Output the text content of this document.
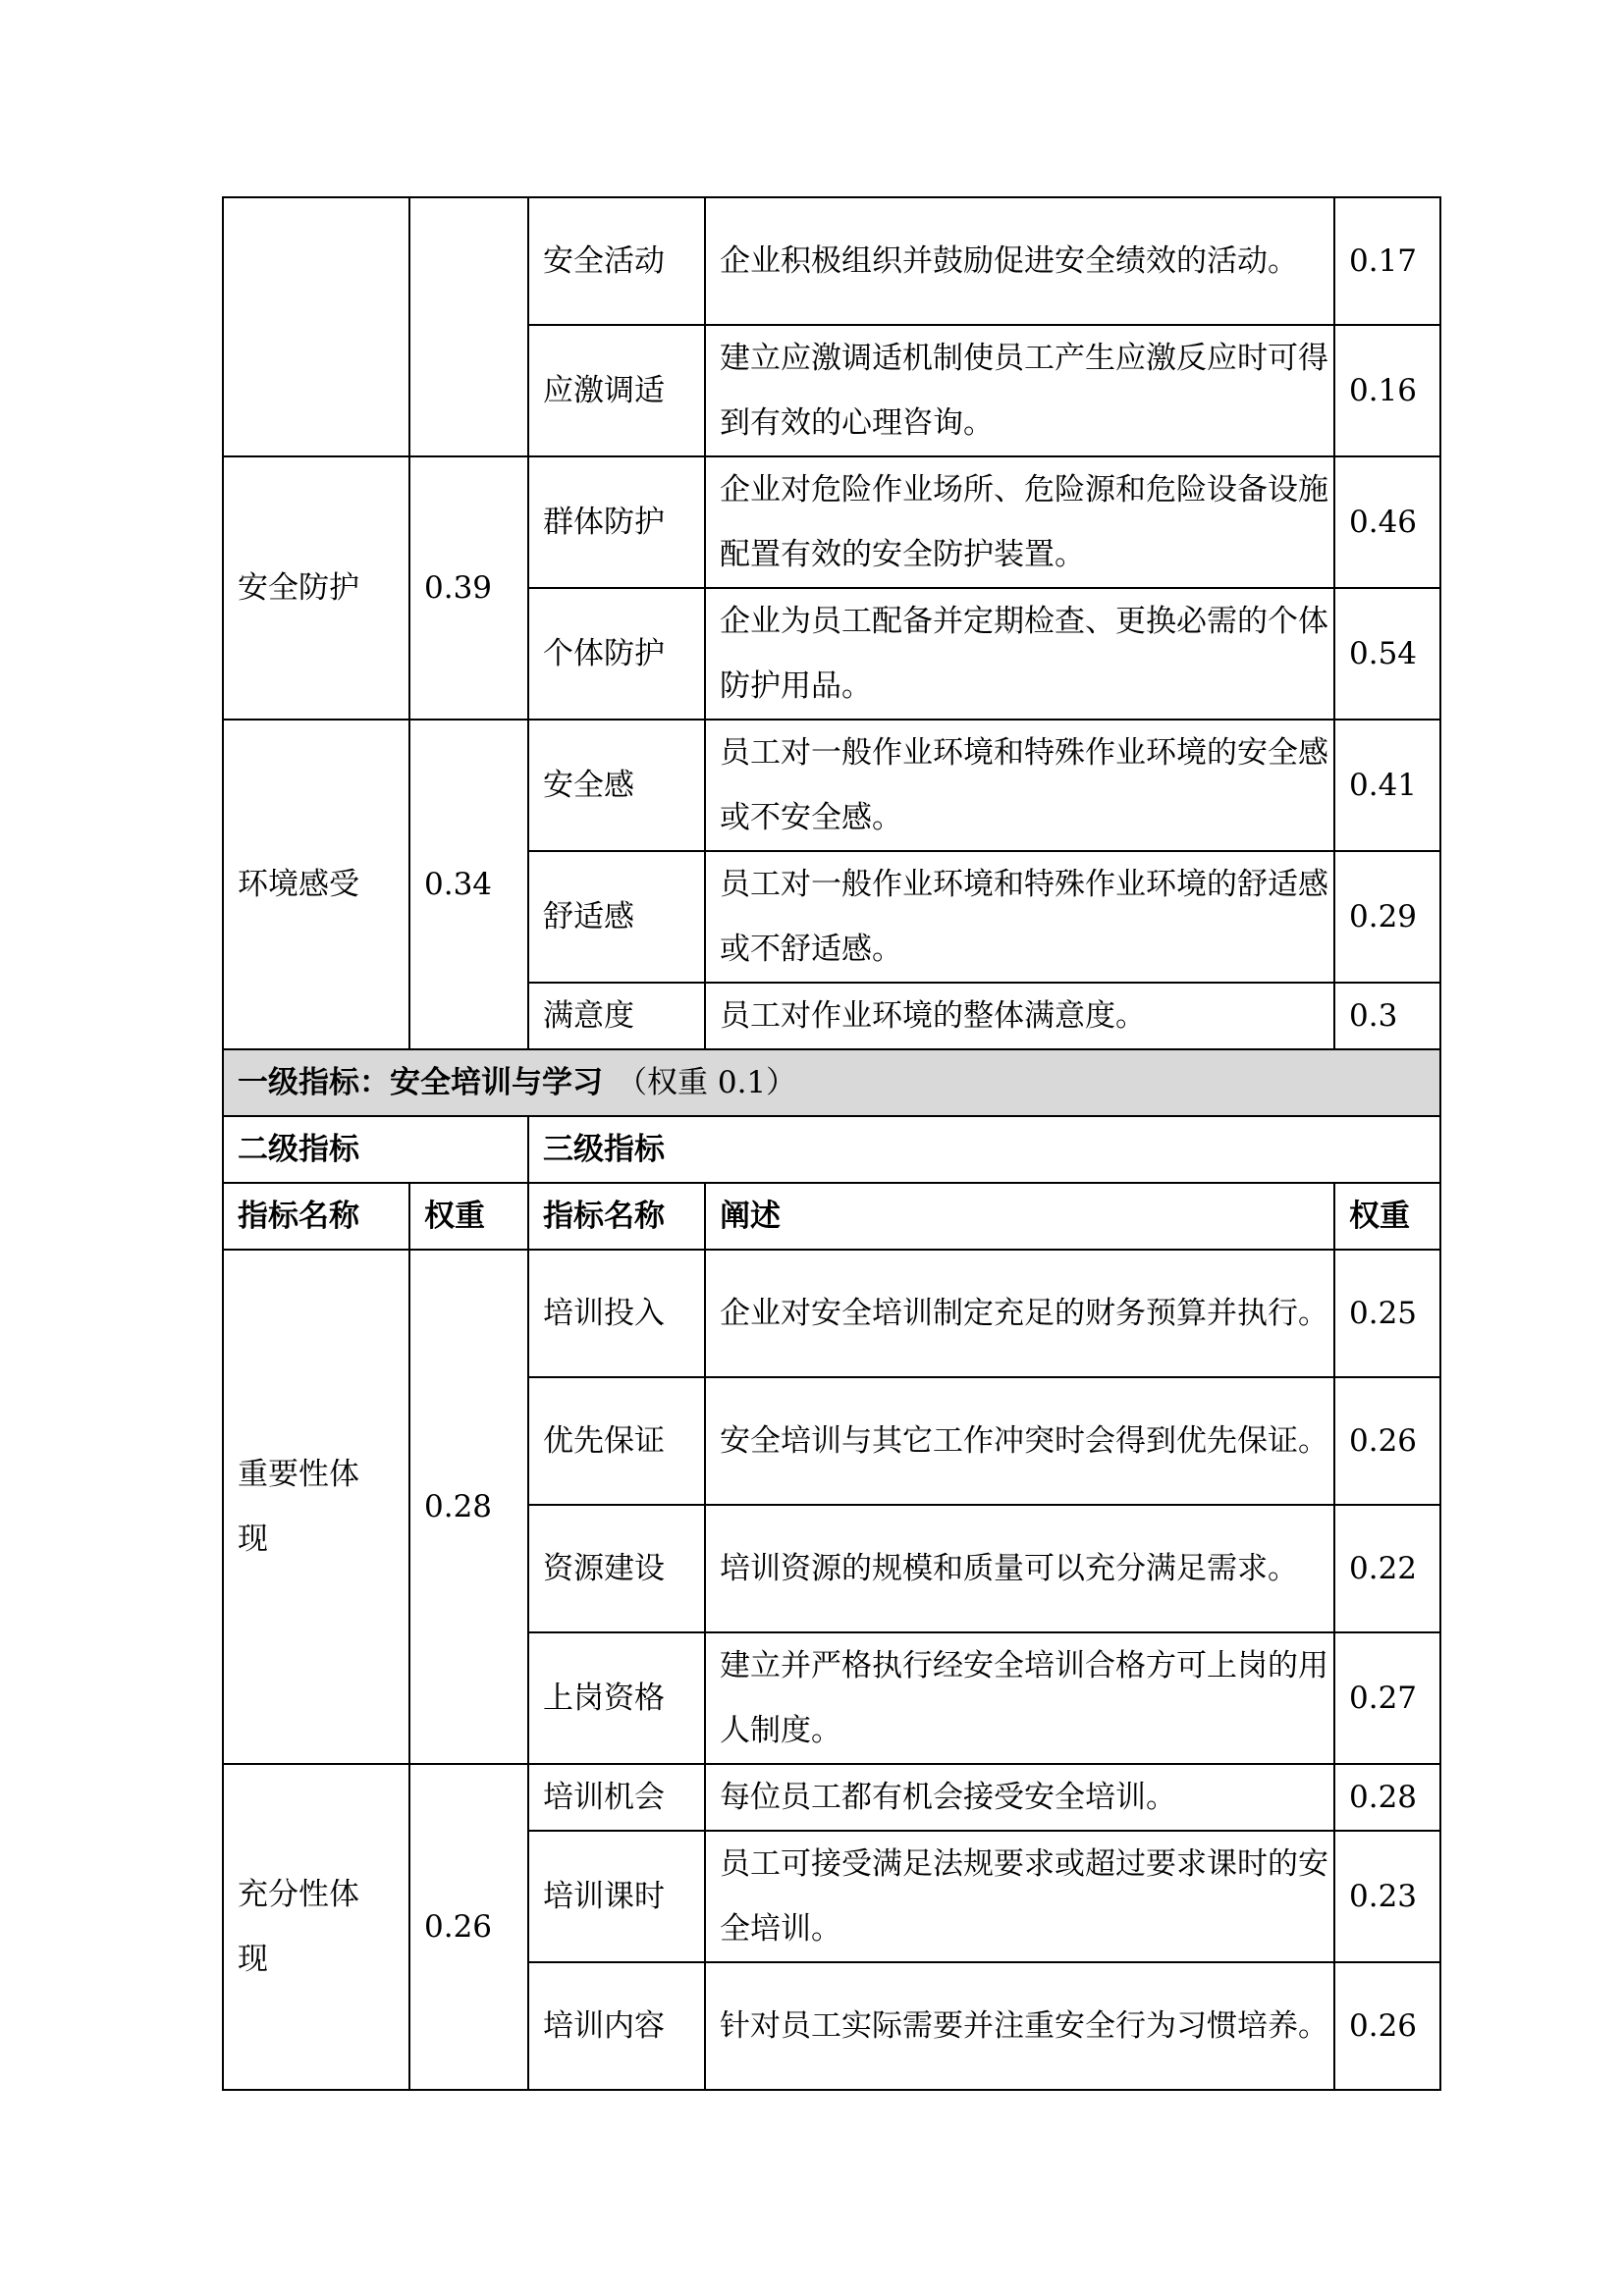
		安全活动	企业积极组织并鼓励促进安全绩效的活动。	0.17
		应激调适	建立应激调适机制使员工产生应激反应时可得到有效的心理咨询。	0.16
安全防护	0.39	群体防护	企业对危险作业场所、危险源和危险设备设施配置有效的安全防护装置。	0.46
		个体防护	企业为员工配备并定期检查、更换必需的个体防护用品。	0.54
环境感受	0.34	安全感	员工对一般作业环境和特殊作业环境的安全感或不安全感。	0.41
		舒适感	员工对一般作业环境和特殊作业环境的舒适感或不舒适感。	0.29
		满意度	员工对作业环境的整体满意度。	0.3
一级指标：安全培训与学习 （权重 0.1）				
二级指标		三级指标		
指标名称	权重	指标名称	阐述	权重
重要性体现	0.28	培训投入	企业对安全培训制定充足的财务预算并执行。	0.25
		优先保证	安全培训与其它工作冲突时会得到优先保证。	0.26
		资源建设	培训资源的规模和质量可以充分满足需求。	0.22
		上岗资格	建立并严格执行经安全培训合格方可上岗的用人制度。	0.27
充分性体现	0.26	培训机会	每位员工都有机会接受安全培训。	0.28
		培训课时	员工可接受满足法规要求或超过要求课时的安全培训。	0.23
		培训内容	针对员工实际需要并注重安全行为习惯培养。	0.26
